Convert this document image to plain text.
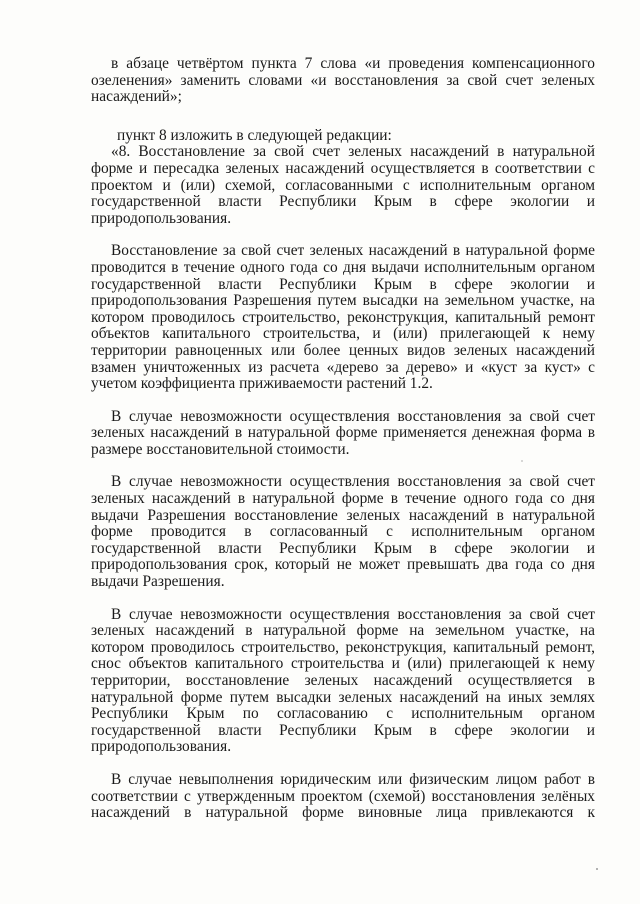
в абзаце четвёртом пункта 7 слова «и проведения компенсационного озеленения» заменить словами «и восстановления за свой счет зеленых насаждений»;

пункт 8 изложить в следующей редакции:

«8. Восстановление за свой счет зеленых насаждений в натуральной форме и пересадка зеленых насаждений осуществляется в соответствии с проектом и (или) схемой, согласованными с исполнительным органом государственной власти Республики Крым в сфере экологии и природопользования.

Восстановление за свой счет зеленых насаждений в натуральной форме проводится в течение одного года со дня выдачи исполнительным органом государственной власти Республики Крым в сфере экологии и природопользования Разрешения путем высадки на земельном участке, на котором проводилось строительство, реконструкция, капитальный ремонт объектов капитального строительства, и (или) прилегающей к нему территории равноценных или более ценных видов зеленых насаждений взамен уничтоженных из расчета «дерево за дерево» и «куст за куст» с учетом коэффициента приживаемости растений 1.2.

В случае невозможности осуществления восстановления за свой счет зеленых насаждений в натуральной форме применяется денежная форма в размере восстановительной стоимости.

В случае невозможности осуществления восстановления за свой счет зеленых насаждений в натуральной форме в течение одного года со дня выдачи Разрешения восстановление зеленых насаждений в натуральной форме проводится в согласованный с исполнительным органом государственной власти Республики Крым в сфере экологии и природопользования срок, который не может превышать два года со дня выдачи Разрешения.

В случае невозможности осуществления восстановления за свой счет зеленых насаждений в натуральной форме на земельном участке, на котором проводилось строительство, реконструкция, капитальный ремонт, снос объектов капитального строительства и (или) прилегающей к нему территории, восстановление зеленых насаждений осуществляется в натуральной форме путем высадки зеленых насаждений на иных землях Республики Крым по согласованию с исполнительным органом государственной власти Республики Крым в сфере экологии и природопользования.

В случае невыполнения юридическим или физическим лицом работ в соответствии с утвержденным проектом (схемой) восстановления зелёных насаждений в натуральной форме виновные лица привлекаются к
